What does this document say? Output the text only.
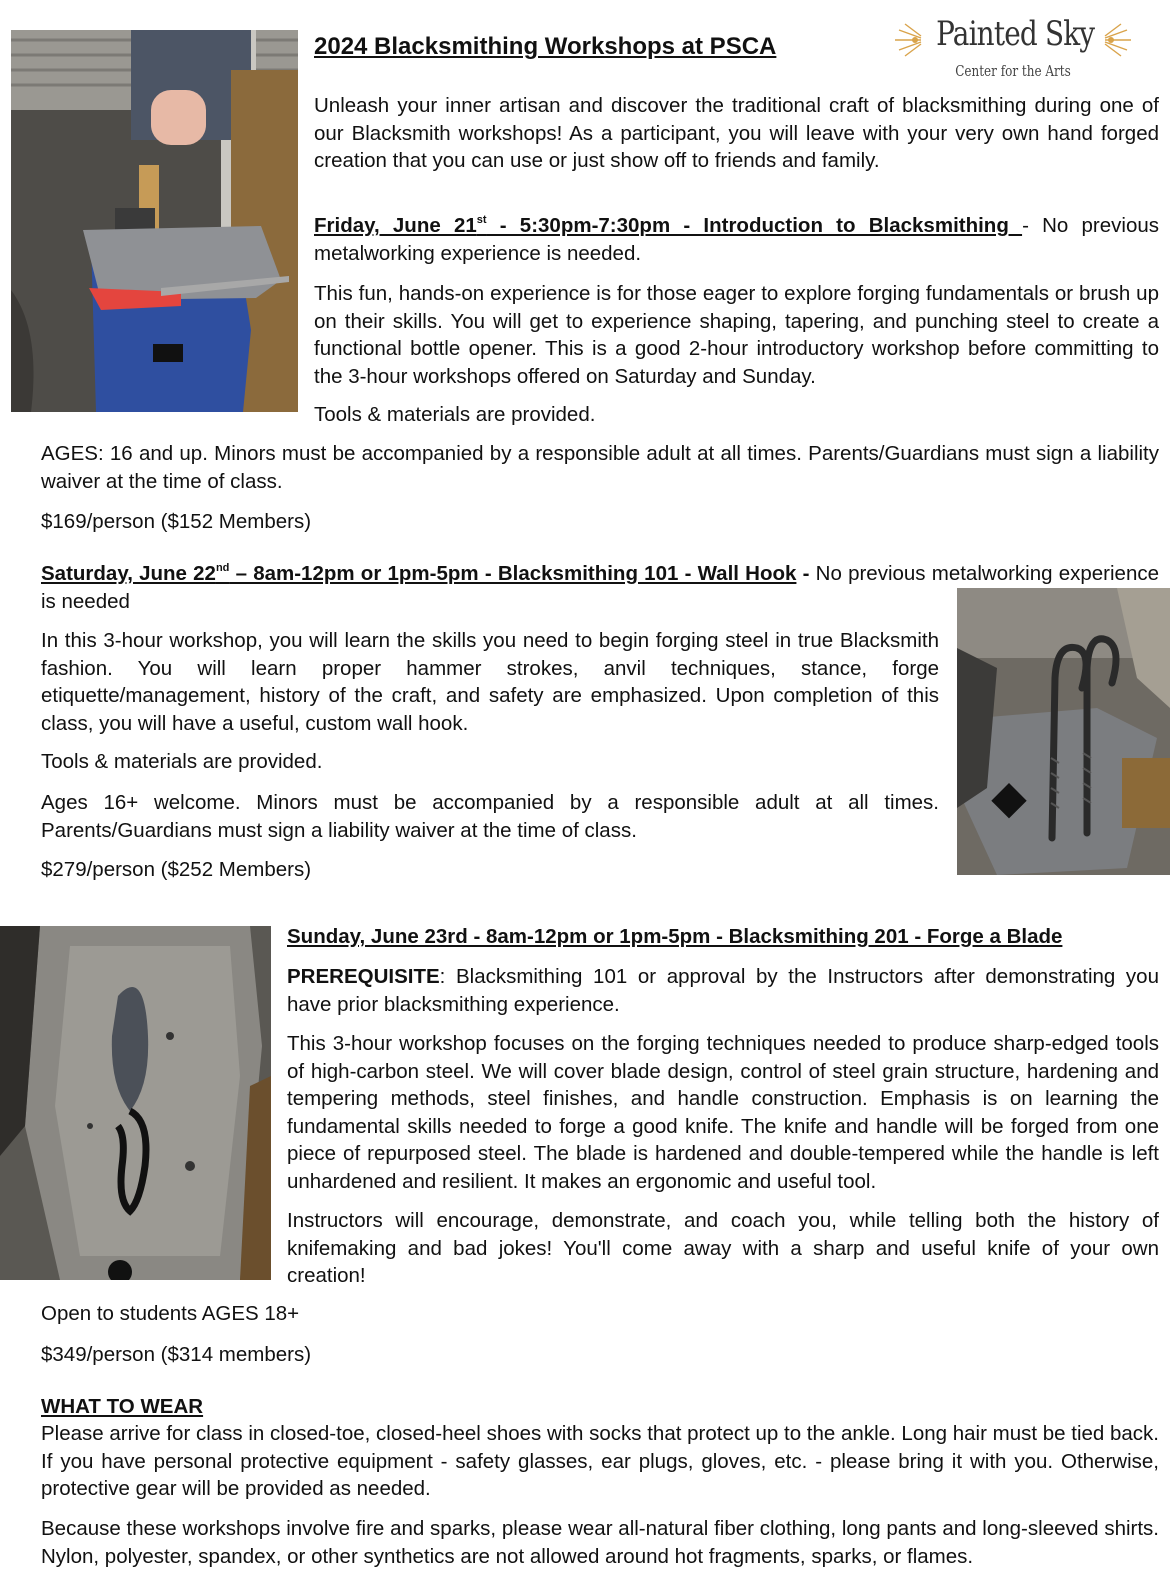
Painted Sky
Center for the Arts
2024 Blacksmithing Workshops at PSCA

Unleash your inner artisan and discover the traditional craft of blacksmithing during one of our Blacksmith workshops! As a participant, you will leave with your very own hand forged creation that you can use or just show off to friends and family.

Friday, June 21st - 5:30pm-7:30pm - Introduction to Blacksmithing - No previous metalworking experience is needed.

This fun, hands-on experience is for those eager to explore forging fundamentals or brush up on their skills. You will get to experience shaping, tapering, and punching steel to create a functional bottle opener. This is a good 2-hour introductory workshop before committing to the 3-hour workshops offered on Saturday and Sunday.

Tools & materials are provided.

AGES: 16 and up. Minors must be accompanied by a responsible adult at all times. Parents/Guardians must sign a liability waiver at the time of class.

$169/person ($152 Members)

Saturday, June 22nd – 8am-12pm or 1pm-5pm - Blacksmithing 101 - Wall Hook - No previous metalworking experience is needed

In this 3-hour workshop, you will learn the skills you need to begin forging steel in true Blacksmith fashion. You will learn proper hammer strokes, anvil techniques, stance, forge etiquette/management, history of the craft, and safety are emphasized. Upon completion of this class, you will have a useful, custom wall hook.

Tools & materials are provided.

Ages 16+ welcome. Minors must be accompanied by a responsible adult at all times. Parents/Guardians must sign a liability waiver at the time of class.

$279/person ($252 Members)

Sunday, June 23rd - 8am-12pm or 1pm-5pm - Blacksmithing 201 - Forge a Blade

PREREQUISITE: Blacksmithing 101 or approval by the Instructors after demonstrating you have prior blacksmithing experience.

This 3-hour workshop focuses on the forging techniques needed to produce sharp-edged tools of high-carbon steel. We will cover blade design, control of steel grain structure, hardening and tempering methods, steel finishes, and handle construction. Emphasis is on learning the fundamental skills needed to forge a good knife. The knife and handle will be forged from one piece of repurposed steel. The blade is hardened and double-tempered while the handle is left unhardened and resilient. It makes an ergonomic and useful tool.

Instructors will encourage, demonstrate, and coach you, while telling both the history of knifemaking and bad jokes! You'll come away with a sharp and useful knife of your own creation!

Open to students AGES 18+

$349/person ($314 members)

WHAT TO WEAR

Please arrive for class in closed-toe, closed-heel shoes with socks that protect up to the ankle. Long hair must be tied back. If you have personal protective equipment - safety glasses, ear plugs, gloves, etc. - please bring it with you. Otherwise, protective gear will be provided as needed.

Because these workshops involve fire and sparks, please wear all-natural fiber clothing, long pants and long-sleeved shirts. Nylon, polyester, spandex, or other synthetics are not allowed around hot fragments, sparks, or flames.
